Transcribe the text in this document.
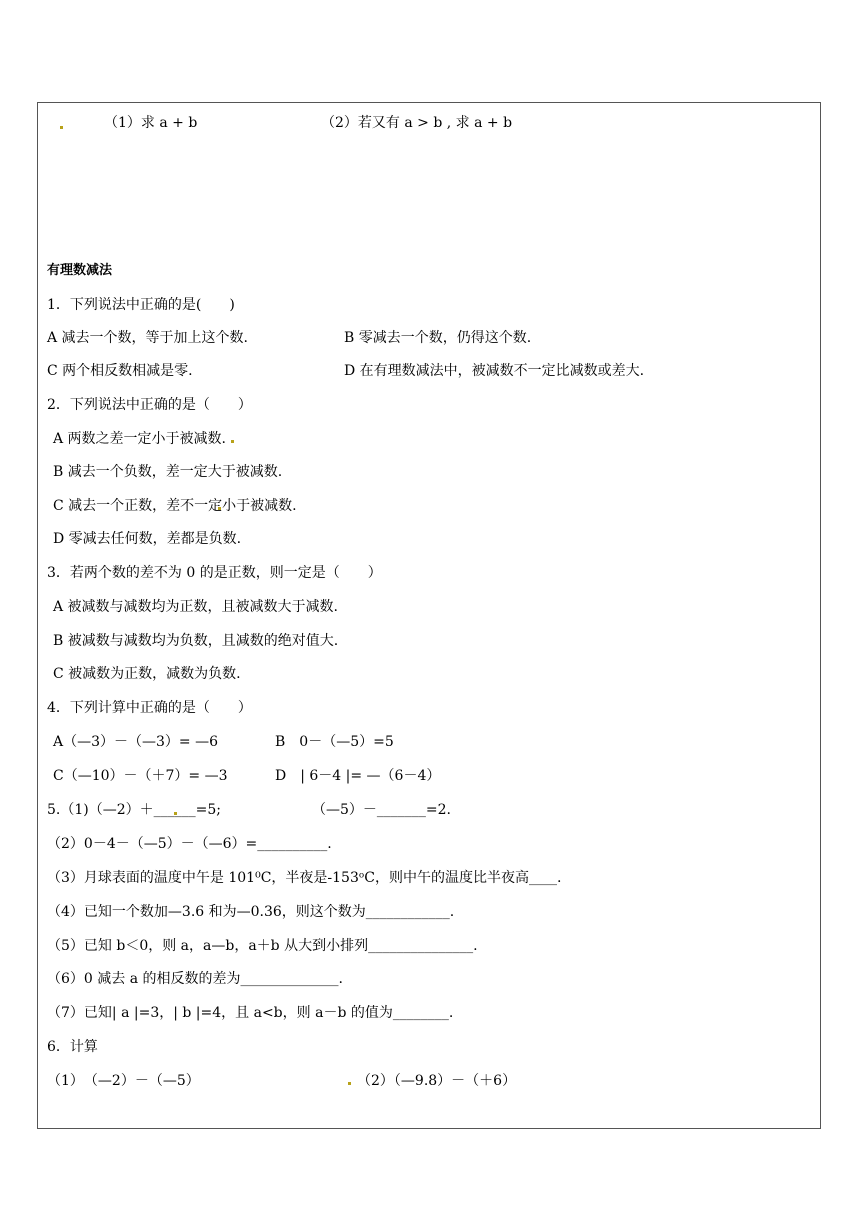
（1）求 a + b	（2）若又有 a > b , 求 a + b
有理数减法
1．下列说法中正确的是(　　)
A 减去一个数，等于加上这个数.	B 零减去一个数，仍得这个数.
C 两个相反数相减是零.	D 在有理数减法中，被减数不一定比减数或差大.
2．下列说法中正确的是（　　）
A 两数之差一定小于被减数.
B 减去一个负数，差一定大于被减数.
C 减去一个正数，差不一定小于被减数.
D 零减去任何数，差都是负数.
3．若两个数的差不为 0 的是正数，则一定是（　　）
A 被减数与减数均为正数，且被减数大于减数.
B 被减数与减数均为负数，且减数的绝对值大.
C 被减数为正数，减数为负数.
4．下列计算中正确的是（　　）
A（—3）－（—3）= —6	B　0－（—5）=5
C（—10）－（＋7）= —3	D　| 6－4 |= —（6－4）
5.（1)（—2）＋______=5;	（—5）－_______=2.
（2）0－4－（—5）－（—6）=__________.
（3）月球表面的温度中午是 101⁰C，半夜是-153ᵒC，则中午的温度比半夜高____.
（4）已知一个数加—3.6 和为—0.36，则这个数为____________.
（5）已知 b＜0，则 a，a—b，a＋b 从大到小排列_______________.
（6）0 减去 a 的相反数的差为______________.
（7）已知| a |=3，| b |=4，且 a<b，则 a－b 的值为________.
6．计算
（1）　（—2）－（—5）	（2）（—9.8）－（＋6）
